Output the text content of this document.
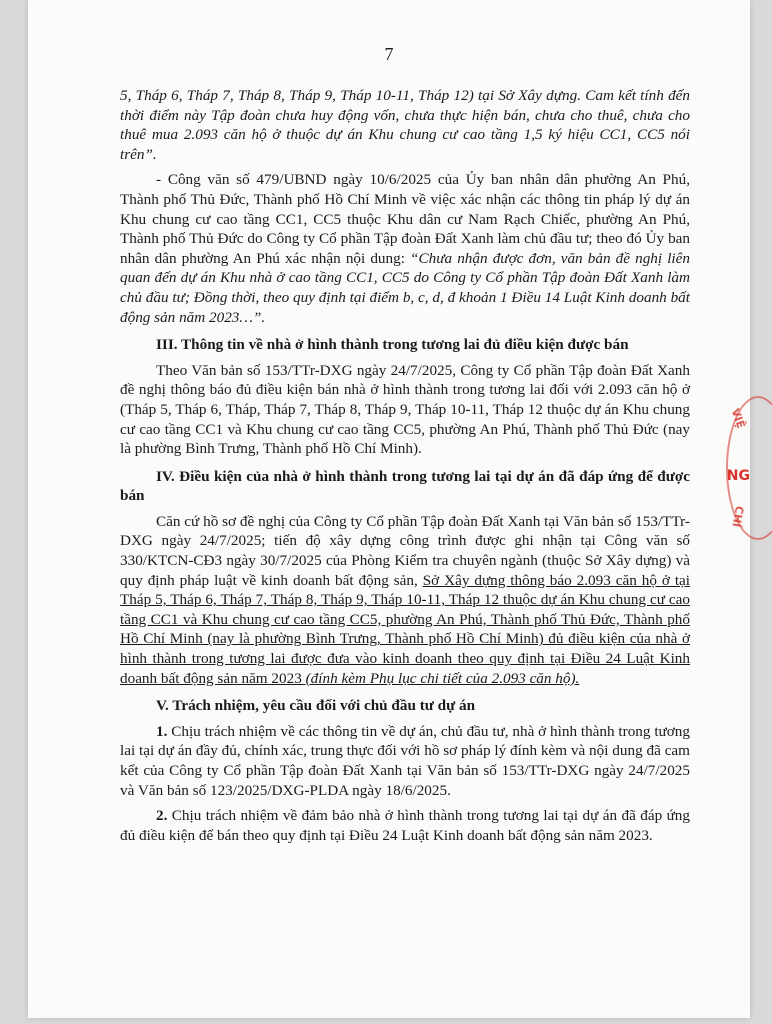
7

5, Tháp 6, Tháp 7, Tháp 8, Tháp 9, Tháp 10-11, Tháp 12) tại Sở Xây dựng. Cam kết tính đến thời điểm này Tập đoàn chưa huy động vốn, chưa thực hiện bán, chưa cho thuê, chưa cho thuê mua 2.093 căn hộ ở thuộc dự án Khu chung cư cao tầng 1,5 ký hiệu CC1, CC5 nói trên”.

- Công văn số 479/UBND ngày 10/6/2025 của Ủy ban nhân dân phường An Phú, Thành phố Thủ Đức, Thành phố Hồ Chí Minh về việc xác nhận các thông tin pháp lý dự án Khu chung cư cao tầng CC1, CC5 thuộc Khu dân cư Nam Rạch Chiếc, phường An Phú, Thành phố Thủ Đức do Công ty Cổ phần Tập đoàn Đất Xanh làm chủ đầu tư; theo đó Ủy ban nhân dân phường An Phú xác nhận nội dung: “Chưa nhận được đơn, văn bản đề nghị liên quan đến dự án Khu nhà ở cao tầng CC1, CC5 do Công ty Cổ phần Tập đoàn Đất Xanh làm chủ đầu tư; Đồng thời, theo quy định tại điểm b, c, d, đ khoản 1 Điều 14 Luật Kinh doanh bất động sản năm 2023…”.

III. Thông tin về nhà ở hình thành trong tương lai đủ điều kiện được bán

Theo Văn bản số 153/TTr-DXG ngày 24/7/2025, Công ty Cổ phần Tập đoàn Đất Xanh đề nghị thông báo đủ điều kiện bán nhà ở hình thành trong tương lai đối với 2.093 căn hộ ở (Tháp 5, Tháp 6, Tháp, Tháp 7, Tháp 8, Tháp 9, Tháp 10-11, Tháp 12 thuộc dự án Khu chung cư cao tầng CC1 và Khu chung cư cao tầng CC5, phường An Phú, Thành phố Thủ Đức (nay là phường Bình Trưng, Thành phố Hồ Chí Minh).

IV. Điều kiện của nhà ở hình thành trong tương lai tại dự án đã đáp ứng để được bán

Căn cứ hồ sơ đề nghị của Công ty Cổ phần Tập đoàn Đất Xanh tại Văn bản số 153/TTr-DXG ngày 24/7/2025; tiến độ xây dựng công trình được ghi nhận tại Công văn số 330/KTCN-CĐ3 ngày 30/7/2025 của Phòng Kiểm tra chuyên ngành (thuộc Sở Xây dựng) và quy định pháp luật về kinh doanh bất động sản, Sở Xây dựng thông báo 2.093 căn hộ ở tại Tháp 5, Tháp 6, Tháp 7, Tháp 8, Tháp 9, Tháp 10-11, Tháp 12 thuộc dự án Khu chung cư cao tầng CC1 và Khu chung cư cao tầng CC5, phường An Phú, Thành phố Thủ Đức, Thành phố Hồ Chí Minh (nay là phường Bình Trưng, Thành phố Hồ Chí Minh) đủ điều kiện của nhà ở hình thành trong tương lai được đưa vào kinh doanh theo quy định tại Điều 24 Luật Kinh doanh bất động sản năm 2023 (đính kèm Phụ lục chi tiết của 2.093 căn hộ).

V. Trách nhiệm, yêu cầu đối với chủ đầu tư dự án

1. Chịu trách nhiệm về các thông tin về dự án, chủ đầu tư, nhà ở hình thành trong tương lai tại dự án đầy đủ, chính xác, trung thực đối với hồ sơ pháp lý đính kèm và nội dung đã cam kết của Công ty Cổ phần Tập đoàn Đất Xanh tại Văn bản số 153/TTr-DXG ngày 24/7/2025 và Văn bản số 123/2025/DXG-PLDA ngày 18/6/2025.

2. Chịu trách nhiệm về đảm bảo nhà ở hình thành trong tương lai tại dự án đã đáp ứng đủ điều kiện để bán theo quy định tại Điều 24 Luật Kinh doanh bất động sản năm 2023.

VIỆ
NG
CHÍ
